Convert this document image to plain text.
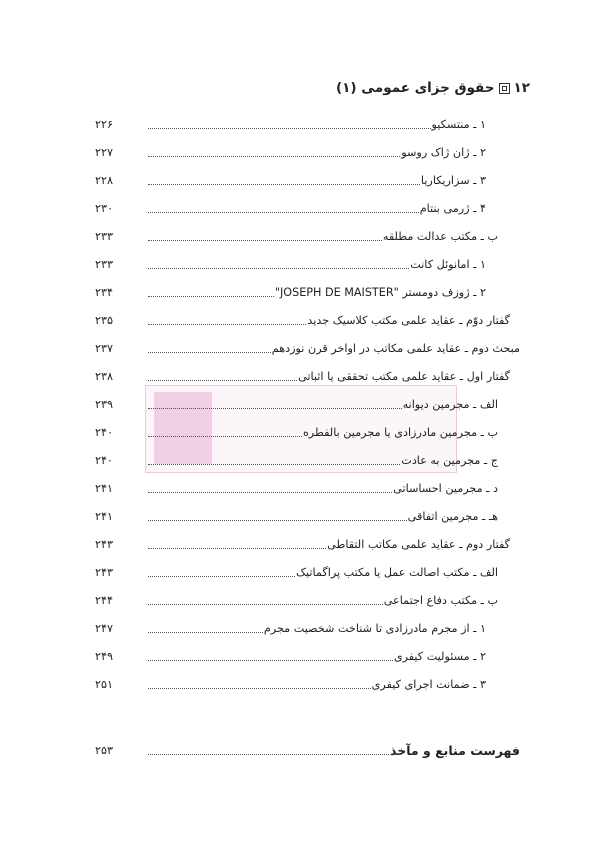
۱۲
حقوق جزای عمومی (۱)
۱ ـ منتسکیو
۲۲۶
۲ ـ ژان ژاک روسو
۲۲۷
۳ ـ سزاریکاریا
۲۲۸
۴ ـ ژرمی بنتام
۲۳۰
ب ـ مکتب عدالت مطلقه
۲۳۳
۱ ـ امانوئل کانت
۲۳۳
۲ ـ ژوزف دومستر "JOSEPH DE MAISTER"
۲۳۴
گفتار دوّم ـ عقاید علمی مکتب کلاسیک جدید
۲۳۵
مبحث دوم ـ عقاید علمی مکاتب در اواخر قرن نوزدهم
۲۳۷
گفتار اول ـ عقاید علمی مکتب تحققی یا اثباتی
۲۳۸
الف ـ مجرمین دیوانه
۲۳۹
ب ـ مجرمین مادرزادی یا مجرمین بالفطره
۲۴۰
ج ـ مجرمین به عادت
۲۴۰
د ـ مجرمین احساساتی
۲۴۱
هـ ـ مجرمین اتفاقی
۲۴۱
گفتار دوم ـ عقاید علمی مکاتب التقاطی
۲۴۳
الف ـ مکتب اصالت عمل یا مکتب پراگماتیک
۲۴۳
ب ـ مکتب دفاع اجتماعی
۲۴۴
۱ ـ از مجرم مادرزادی تا شناخت شخصیت مجرم
۲۴۷
۲ ـ مسئولیت کیفری
۲۴۹
۳ ـ ضمانت اجرای کیفری
۲۵۱
فهرست منابع و مآخذ
۲۵۳
